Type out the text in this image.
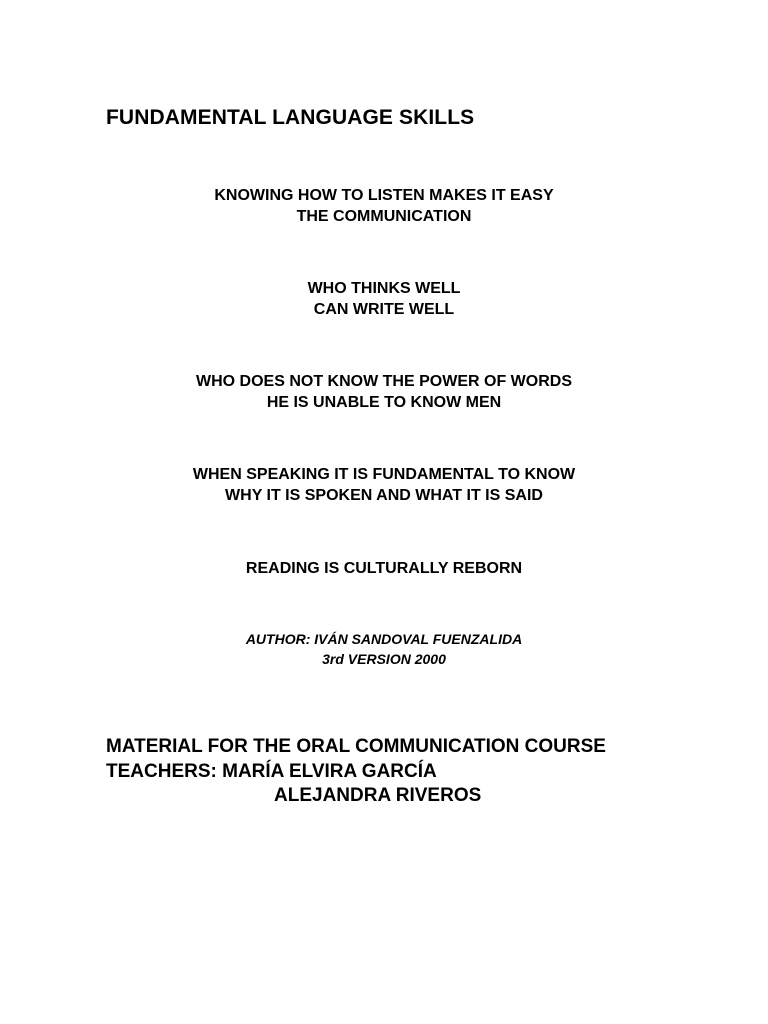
FUNDAMENTAL LANGUAGE SKILLS
KNOWING HOW TO LISTEN MAKES IT EASY
THE COMMUNICATION
WHO THINKS WELL
CAN WRITE WELL
WHO DOES NOT KNOW THE POWER OF WORDS
HE IS UNABLE TO KNOW MEN
WHEN SPEAKING IT IS FUNDAMENTAL TO KNOW
WHY IT IS SPOKEN AND WHAT IT IS SAID
READING IS CULTURALLY REBORN
AUTHOR: IVÁN SANDOVAL FUENZALIDA
3rd VERSION 2000
MATERIAL FOR THE ORAL COMMUNICATION COURSE
TEACHERS: MARÍA ELVIRA GARCÍA
ALEJANDRA RIVEROS
